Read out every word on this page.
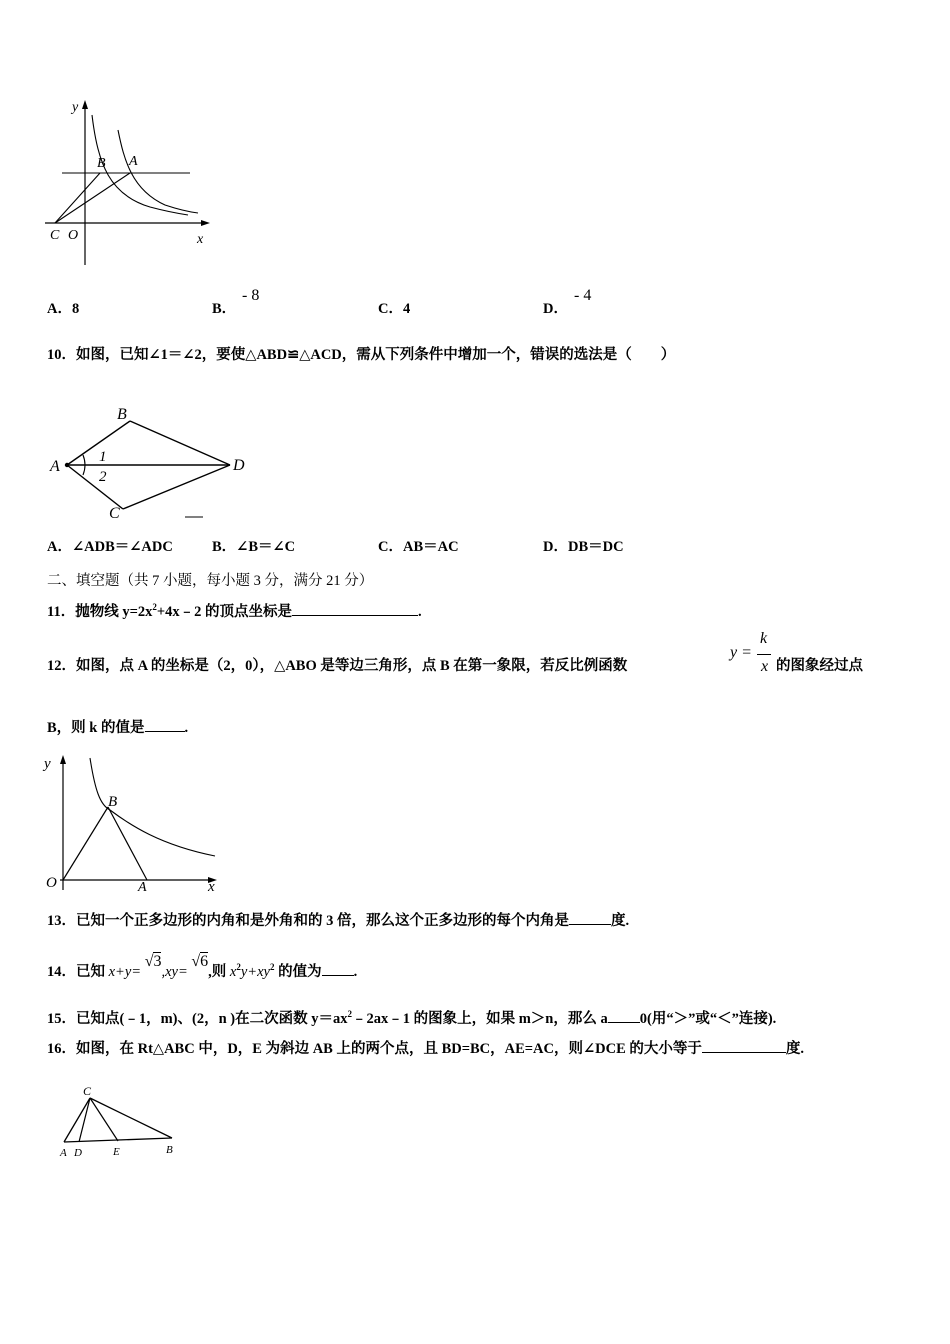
y
B A
C O	x
A．8	B．
- 8
C．4	D．
- 4
10．如图，已知∠1＝∠2，要使△ABD≌△ACD，需从下列条件中增加一个，错误的选法是（　　）
A
B
C
D
1
2
A．∠ADB＝∠ADC	B．∠B＝∠C	C．AB＝AC	D．DB＝DC
二、填空题（共 7 小题，每小题 3 分，满分 21 分）
11．抛物线 $y=2x^2+4x﹣2$ 的顶点坐标是	.
12．如图，点 A 的坐标是（2，0），△ABO 是等边三角形，点 B 在第一象限，若反比例函数
y =
k
x 的图象经过点
B，则 k 的值是	.
y
B
O	A	x
13．已知一个正多边形的内角和是外角和的 3 倍，那么这个正多边形的每个内角是	度.
14．已知 x+y= √3,xy= √6,则 $x^2y+xy^2$ 的值为 .
15．已知点(﹣1，m)、(2，n )在二次函数 $y=ax^2﹣2ax﹣1$ 的图象上，如果 m＞n，那么 a 0(用“＞”或“＜”连接).
16．如图，在 Rt△ABC 中，D，E 为斜边 AB 上的两个点，且 BD=BC，AE=AC，则∠DCE 的大小等于	度.
C
A D	E	B
